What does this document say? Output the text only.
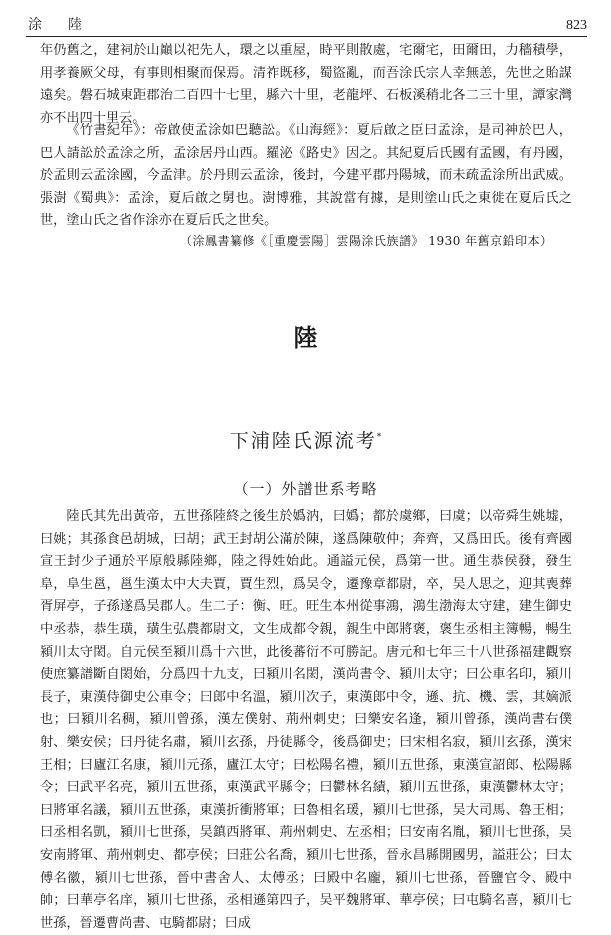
涂　陸	823

年仍舊之，建祠於山巔以祀先人，環之以重屋，時平則散處，宅爾宅，田爾田，力穡積學，用孝養厥父母，有事則相聚而保焉。清祚既移，蜀盜亂，而吾涂氏宗人幸無恙，先世之貽謀遠矣。磐石城東距郡治二百四十七里，縣六十里，老龍坪、石板溪稍北各二三十里，譚家灣亦不出四十里云。

《竹書紀年》：帝啟使孟涂如巴聽訟。《山海經》：夏后啟之臣曰孟涂，是司神於巴人，巴人請訟於孟涂之所，孟涂居丹山西。羅泌《路史》因之。其紀夏后氏國有孟國，有丹國，於孟則云孟涂國，今孟津。於丹則云孟涂，後封，今建平郡丹陽城，而未疏孟涂所出武威。張澍《蜀典》：孟涂，夏后啟之舅也。澍博雅，其說當有據，是則塗山氏之東徙在夏后氏之世，塗山氏之省作涂亦在夏后氏之世矣。

（涂鳳書纂修《［重慶雲陽］雲陽涂氏族譜》 1930 年舊京鉛印本）
陸
下浦陸氏源流考*
（一）外譜世系考略

陸氏其先出黃帝，五世孫陸終之後生於嬀汭，曰嬀；都於虞鄉，曰虞；以帝舜生姚墟，曰姚；其孫食邑胡城，曰胡；武王封胡公滿於陳，遂爲陳敬仲；奔齊，又爲田氏。後有齊國宣王封少子通於平原般縣陸鄉，陸之得姓始此。通謚元侯，爲第一世。通生恭侯發，發生阜，阜生邕，邕生漢太中大夫賈，賈生烈，爲吴令，遷豫章都尉，卒，吴人思之，迎其喪葬胥屏亭，子孫遂爲吴郡人。生二子：衡、旺。旺生本州從事鴻，鴻生渤海太守建，建生御史中丞恭，恭生璜，璜生弘農都尉文，文生成都令親，親生中郎將褒，褒生丞相主簿暢，暢生潁川太守閎。自元侯至潁川爲十六世，此後蕃衍不可勝記。唐元和七年三十八世孫福建觀察使庶纂譜斷自閎始，分爲四十九支，曰潁川名閎，漢尚書令、潁川太守；曰公車名印，潁川長子，東漢侍御史公車令；曰郎中名溫，潁川次子，東漢郎中令，遜、抗、機、雲，其嫡派也；曰潁川名稠，潁川曾孫，漢左僕射、荊州刺史；曰樂安名逢，潁川曾孫，漢尚書右僕射、樂安侯；曰丹徒名肅，潁川玄孫，丹徒縣令，後爲御史；曰宋相名寂，潁川玄孫，漢宋王相；曰廬江名康，潁川元孫，廬江太守；曰松陽名禮，潁川五世孫，東漢宣詔郎、松陽縣令；曰武平名亮，潁川五世孫，東漢武平縣令；曰鬱林名績，潁川五世孫，東漢鬱林太守；曰將軍名議，潁川五世孫，東漢折衝將軍；曰魯相名瑗，潁川七世孫，吴大司馬、魯王相；曰丞相名凱，潁川七世孫，吴鎮西將軍、荊州刺史、左丞相；曰安南名胤，潁川七世孫，吴安南將軍、荊州刺史、都亭侯；曰莊公名喬，潁川七世孫，晉永昌縣開國男，謚莊公；曰太傅名徽，潁川七世孫，晉中書舍人、太傅丞；曰殿中名龐，潁川七世孫，晉鹽官令、殿中帥；曰華亭名庠，潁川七世孫，丞相遜第四子，吴平魏將軍、華亭侯；曰屯騎名喜，潁川七世孫，晉遷曹尚書、屯騎都尉；曰成
